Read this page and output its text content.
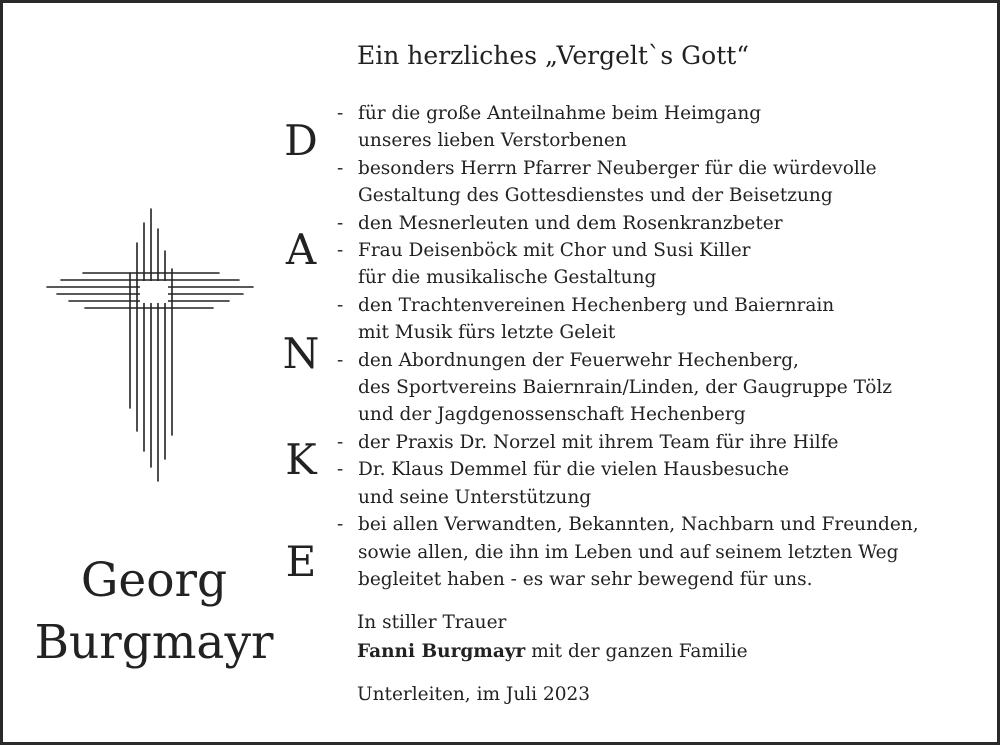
Georg
Burgmayr
D
A
N
K
E
Ein herzliches „Vergelt`s Gott“
- für die große Anteilnahme beim Heimgang
unseres lieben Verstorbenen
- besonders Herrn Pfarrer Neuberger für die würdevolle
Gestaltung des Gottesdienstes und der Beisetzung
- den Mesnerleuten und dem Rosenkranzbeter
- Frau Deisenböck mit Chor und Susi Killer
für die musikalische Gestaltung
- den Trachtenvereinen Hechenberg und Baiernrain
mit Musik fürs letzte Geleit
- den Abordnungen der Feuerwehr Hechenberg,
des Sportvereins Baiernrain/Linden, der Gaugruppe Tölz
und der Jagdgenossenschaft Hechenberg
- der Praxis Dr. Norzel mit ihrem Team für ihre Hilfe
- Dr. Klaus Demmel für die vielen Hausbesuche
und seine Unterstützung
- bei allen Verwandten, Bekannten, Nachbarn und Freunden,
sowie allen, die ihn im Leben und auf seinem letzten Weg
begleitet haben - es war sehr bewegend für uns.
In stiller Trauer
Fanni Burgmayr mit der ganzen Familie
Unterleiten, im Juli 2023
